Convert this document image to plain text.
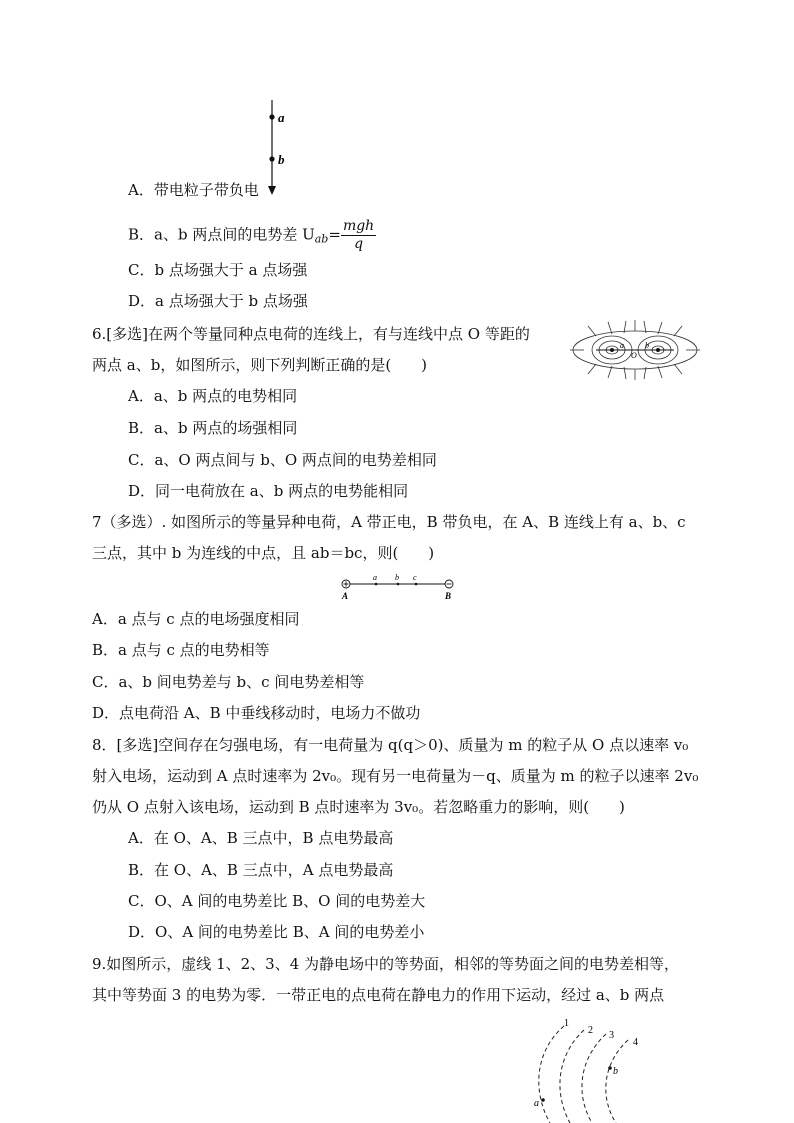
a
b
A．带电粒子带负电
B．a、b 两点间的电势差 $U_{ab}= \frac{\text{mgh}}{q}$
C．b 点场强大于 a 点场强
D．a 点场强大于 b 点场强
6.[多选]在两个等量同种点电荷的连线上，有与连线中点 O 等距的
两点 a、b，如图所示，则下列判断正确的是(　　)
a
O
b
A．a、b 两点的电势相同
B．a、b 两点的场强相同
C．a、O 两点间与 b、O 两点间的电势差相同
D．同一电荷放在 a、b 两点的电势能相同
7（多选）. 如图所示的等量异种电荷，A 带正电，B 带负电，在 A、B 连线上有 a、b、c
三点，其中 b 为连线的中点，且 ab＝bc，则(　　)
a b c
A	B
A．a 点与 c 点的电场强度相同
B．a 点与 c 点的电势相等
C．a、b 间电势差与 b、c 间电势差相等
D．点电荷沿 A、B 中垂线移动时，电场力不做功
8．[多选]空间存在匀强电场，有一电荷量为 q(q＞0)、质量为 m 的粒子从 O 点以速率 v₀
射入电场，运动到 A 点时速率为 2v₀。现有另一电荷量为－q、质量为 m 的粒子以速率 2v₀
仍从 O 点射入该电场，运动到 B 点时速率为 3v₀。若忽略重力的影响，则(　　)
A．在 O、A、B 三点中，B 点电势最高
B．在 O、A、B 三点中，A 点电势最高
C．O、A 间的电势差比 B、O 间的电势差大
D．O、A 间的电势差比 B、A 间的电势差小
9.如图所示，虚线 1、2、3、4 为静电场中的等势面，相邻的等势面之间的电势差相等，
其中等势面 3 的电势为零．一带正电的点电荷在静电力的作用下运动，经过 a、b 两点
1
2 3
4
a
b
